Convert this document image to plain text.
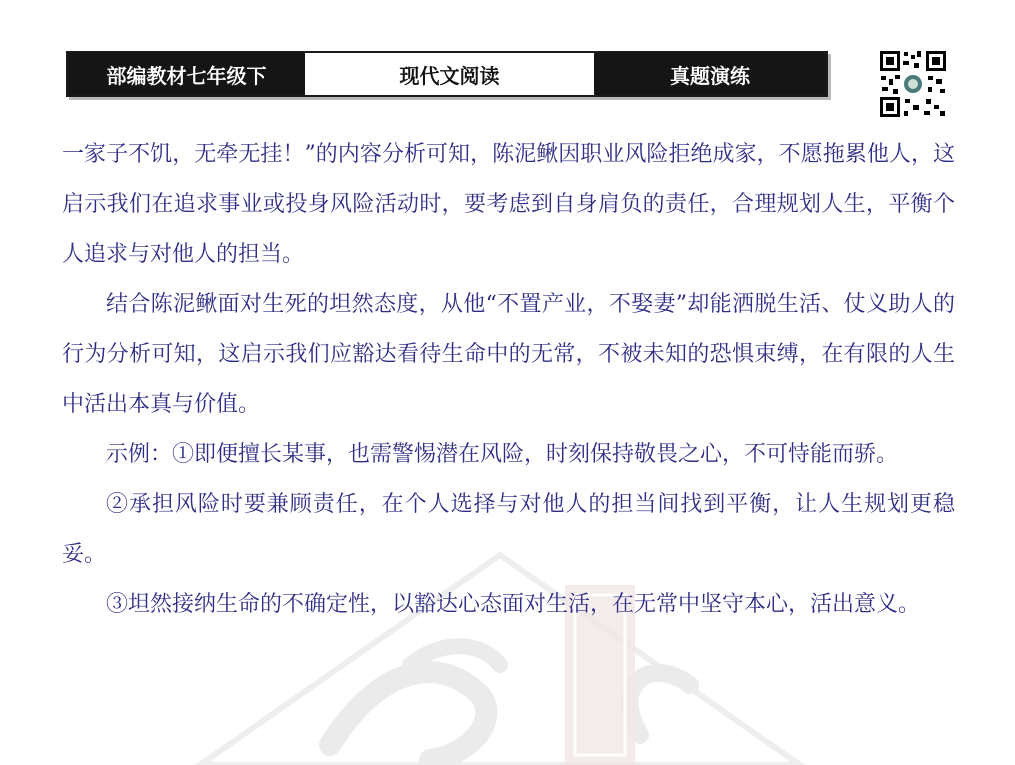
部编教材七年级下	现代文阅读	真题演练

一家子不饥，无牵无挂！”的内容分析可知，陈泥鳅因职业风险拒绝成家，不愿拖累他人，这启示我们在追求事业或投身风险活动时，要考虑到自身肩负的责任，合理规划人生，平衡个人追求与对他人的担当。

结合陈泥鳅面对生死的坦然态度，从他“不置产业，不娶妻”却能洒脱生活、仗义助人的行为分析可知，这启示我们应豁达看待生命中的无常，不被未知的恐惧束缚，在有限的人生中活出本真与价值。

示例：①即便擅长某事，也需警惕潜在风险，时刻保持敬畏之心，不可恃能而骄。

②承担风险时要兼顾责任，在个人选择与对他人的担当间找到平衡，让人生规划更稳妥。

③坦然接纳生命的不确定性，以豁达心态面对生活，在无常中坚守本心，活出意义。
